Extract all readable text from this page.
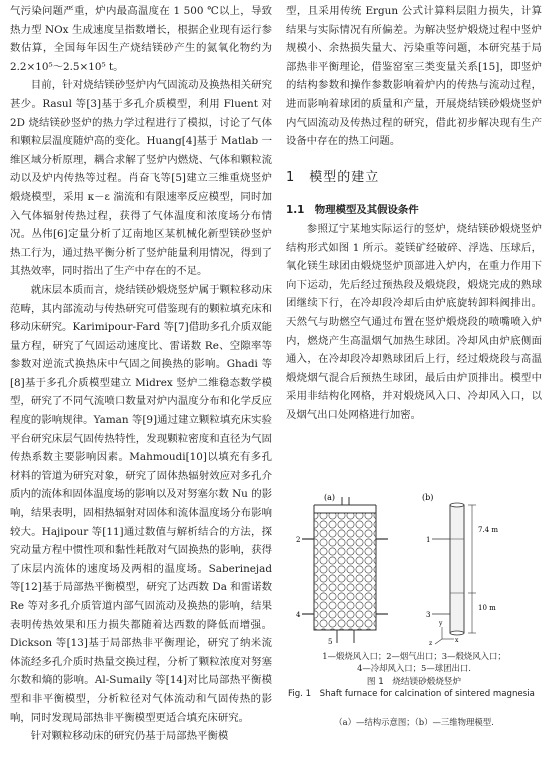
气污染问题严重，炉内最高温度在 1 500 ℃以上，导致热力型 NOx 生成速度呈指数增长，根据企业现有运行参数估算，全国每年因生产烧结镁砂产生的氮氧化物约为 2.2×10⁵～2.5×10⁵ t。

目前，针对烧结镁砂竖炉内气固流动及换热相关研究甚少。Rasul 等[3]基于多孔介质模型，利用 Fluent 对 2D 烧结镁砂竖炉的热力学过程进行了模拟，讨论了气体和颗粒层温度随炉高的变化。Huang[4]基于 Matlab 一维区域分析原理，耦合求解了竖炉内燃烧、气体和颗粒流动以及炉内传热等过程。肖奋飞等[5]建立三维重烧竖炉煅烧模型，采用 κ－ε 湍流和有限速率反应模型，同时加入气体辐射传热过程，获得了气体温度和浓度场分布情况。丛伟[6]定量分析了辽南地区某机械化新型镁砂竖炉热工行为，通过热平衡分析了竖炉能量利用情况，得到了其热效率，同时指出了生产中存在的不足。

就床层本质而言，烧结镁砂煅烧竖炉属于颗粒移动床范畴，其内部流动与传热研究可借鉴现有的颗粒填充床和移动床研究。Karimipour-Fard 等[7]借助多孔介质双能量方程，研究了气固运动速度比、雷诺数 Re、空隙率等参数对逆流式换热床中气固之间换热的影响。Ghadi 等[8]基于多孔介质模型建立 Midrex 竖炉二维稳态数学模型，研究了不同气流喷口数量对炉内温度分布和化学反应程度的影响规律。Yaman 等[9]通过建立颗粒填充床实验平台研究床层气固传热特性，发现颗粒密度和直径为气固传热系数主要影响因素。Mahmoudi[10]以填充有多孔材料的管道为研究对象，研究了固体热辐射效应对多孔介质内的流体和固体温度场的影响以及对努塞尔数 Nu 的影响，结果表明，固相热辐射对固体和流体温度场分布影响较大。Hajipour 等[11]通过数值与解析结合的方法，探究动量方程中惯性项和黏性耗散对气固换热的影响，获得了床层内流体的速度场及两相的温度场。Saberinejad 等[12]基于局部热平衡模型，研究了达西数 Da 和雷诺数 Re 等对多孔介质管道内部气固流动及换热的影响，结果表明传热效果和压力损失都随着达西数的降低而增强。Dickson 等[13]基于局部热非平衡理论，研究了纳米流体流经多孔介质时热量交换过程，分析了颗粒浓度对努塞尔数和熵的影响。Al-Sumaily 等[14]对比局部热平衡模型和非平衡模型，分析粒径对气体流动和气固传热的影响，同时发现局部热非平衡模型更适合填充床研究。

针对颗粒移动床的研究仍基于局部热平衡模

型，且采用传统 Ergun 公式计算料层阻力损失，计算结果与实际情况有所偏差。为解决竖炉煅烧过程中竖炉规模小、余热损失量大、污染重等问题，本研究基于局部热非平衡理论，借鉴窑室三类变量关系[15]，即竖炉的结构参数和操作参数影响着炉内的传热与流动过程，进而影响着球团的质量和产量，开展烧结镁砂煅烧竖炉内气固流动及传热过程的研究，借此初步解决现有生产设备中存在的热工问题。

1　模型的建立
1.1　物理模型及其假设条件

参照辽宁某地实际运行的竖炉，烧结镁砂煅烧竖炉结构形式如图 1 所示。菱镁矿经破碎、浮选、压球后，氧化镁生球团由煅烧竖炉顶部进入炉内，在重力作用下向下运动，先后经过预热段及煅烧段，煅烧完成的熟球团继续下行，在冷却段冷却后由炉底旋转卸料阀排出。天然气与助燃空气通过布置在竖炉煅烧段的喷嘴喷入炉内，燃烧产生高温烟气加热生球团。冷却风由炉底侧面通入，在冷却段冷却熟球团后上行，经过煅烧段与高温煅烧烟气混合后预热生球团，最后由炉顶排出。模型中采用非结构化网格，并对煅烧风入口、冷却风入口，以及烟气出口处网格进行加密。

(a)
2
4
5
(b)
1
3
7.4 m
10 m
y
x
z
1—煅烧风入口；2—烟气出口；3—煅烧风入口；
4—冷却风入口；5—球团出口.
图 1　烧结镁砂煅烧竖炉
Fig. 1　Shaft furnace for calcination of sintered magnesia
（a）—结构示意图；（b）—三维物理模型.
